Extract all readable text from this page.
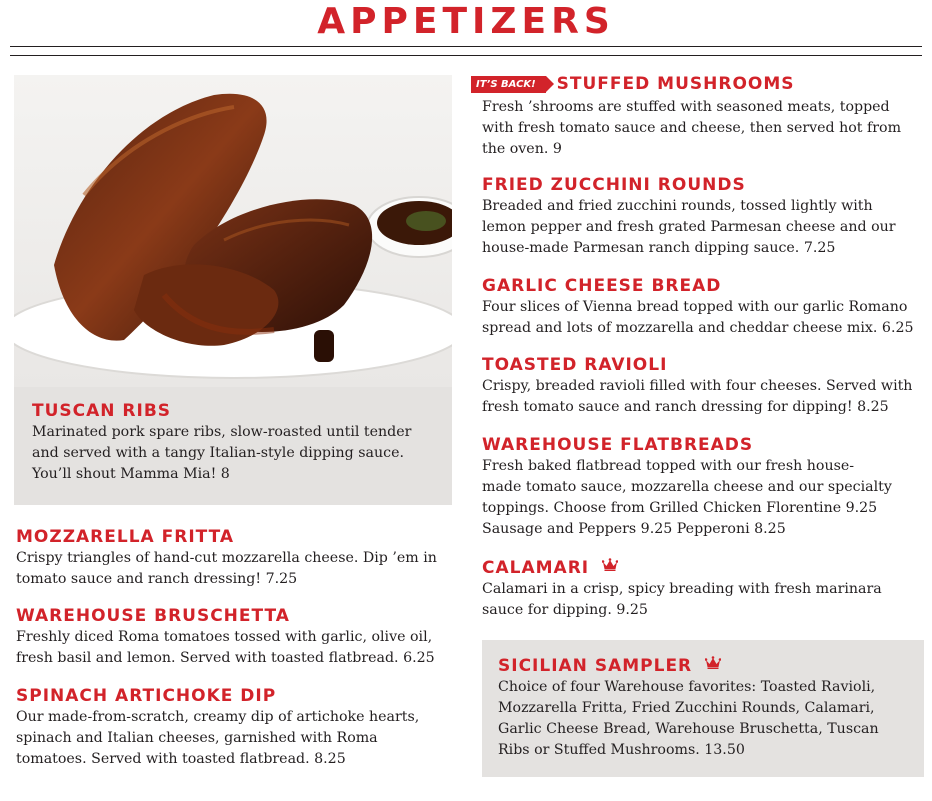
APPETIZERS
TUSCAN RIBS
Marinated pork spare ribs, slow-roasted until tender
and served with a tangy Italian-style dipping sauce.
You’ll shout Mamma Mia! 8
MOZZARELLA FRITTA
Crispy triangles of hand-cut mozzarella cheese. Dip ’em in
tomato sauce and ranch dressing! 7.25
WAREHOUSE BRUSCHETTA
Freshly diced Roma tomatoes tossed with garlic, olive oil,
fresh basil and lemon. Served with toasted flatbread. 6.25
SPINACH ARTICHOKE DIP
Our made-from-scratch, creamy dip of artichoke hearts,
spinach and Italian cheeses, garnished with Roma
tomatoes. Served with toasted flatbread. 8.25
IT’S BACK! STUFFED MUSHROOMS
Fresh ’shrooms are stuffed with seasoned meats, topped
with fresh tomato sauce and cheese, then served hot from
the oven. 9
FRIED ZUCCHINI ROUNDS
Breaded and fried zucchini rounds, tossed lightly with
lemon pepper and fresh grated Parmesan cheese and our
house-made Parmesan ranch dipping sauce. 7.25
GARLIC CHEESE BREAD
Four slices of Vienna bread topped with our garlic Romano
spread and lots of mozzarella and cheddar cheese mix. 6.25
TOASTED RAVIOLI
Crispy, breaded ravioli filled with four cheeses. Served with
fresh tomato sauce and ranch dressing for dipping! 8.25
WAREHOUSE FLATBREADS
Fresh baked flatbread topped with our fresh house-
made tomato sauce, mozzarella cheese and our specialty
toppings. Choose from Grilled Chicken Florentine 9.25
Sausage and Peppers 9.25 Pepperoni 8.25
CALAMARI
Calamari in a crisp, spicy breading with fresh marinara
sauce for dipping. 9.25
SICILIAN SAMPLER
Choice of four Warehouse favorites: Toasted Ravioli,
Mozzarella Fritta, Fried Zucchini Rounds, Calamari,
Garlic Cheese Bread, Warehouse Bruschetta, Tuscan
Ribs or Stuffed Mushrooms. 13.50
